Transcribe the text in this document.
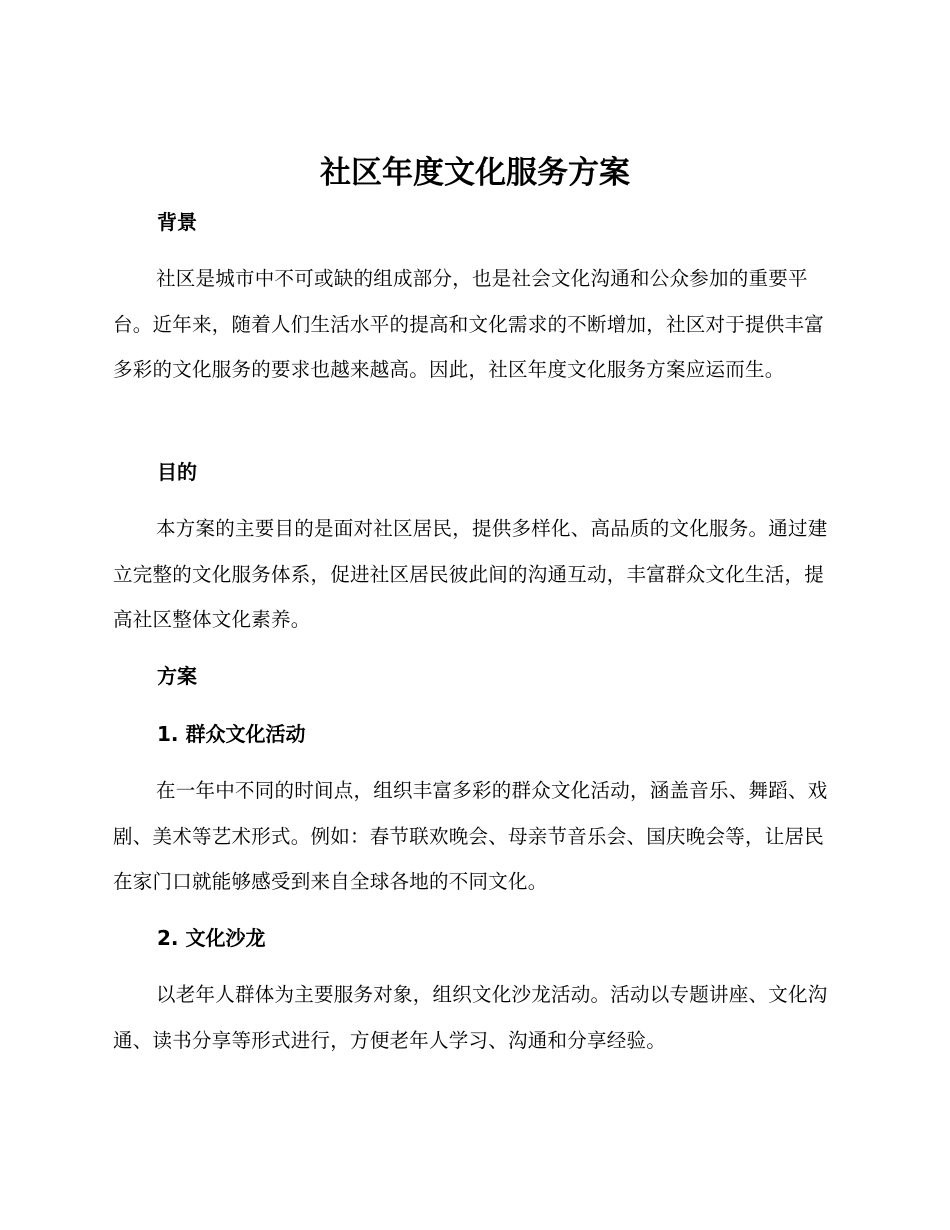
社区年度文化服务方案
背景

社区是城市中不可或缺的组成部分，也是社会文化沟通和公众参加的重要平台。近年来，随着人们生活水平的提高和文化需求的不断增加，社区对于提供丰富多彩的文化服务的要求也越来越高。因此，社区年度文化服务方案应运而生。

目的

本方案的主要目的是面对社区居民，提供多样化、高品质的文化服务。通过建立完整的文化服务体系，促进社区居民彼此间的沟通互动，丰富群众文化生活，提高社区整体文化素养。

方案
1. 群众文化活动

在一年中不同的时间点，组织丰富多彩的群众文化活动，涵盖音乐、舞蹈、戏剧、美术等艺术形式。例如：春节联欢晚会、母亲节音乐会、国庆晚会等，让居民在家门口就能够感受到来自全球各地的不同文化。

2. 文化沙龙

以老年人群体为主要服务对象，组织文化沙龙活动。活动以专题讲座、文化沟通、读书分享等形式进行，方便老年人学习、沟通和分享经验。
